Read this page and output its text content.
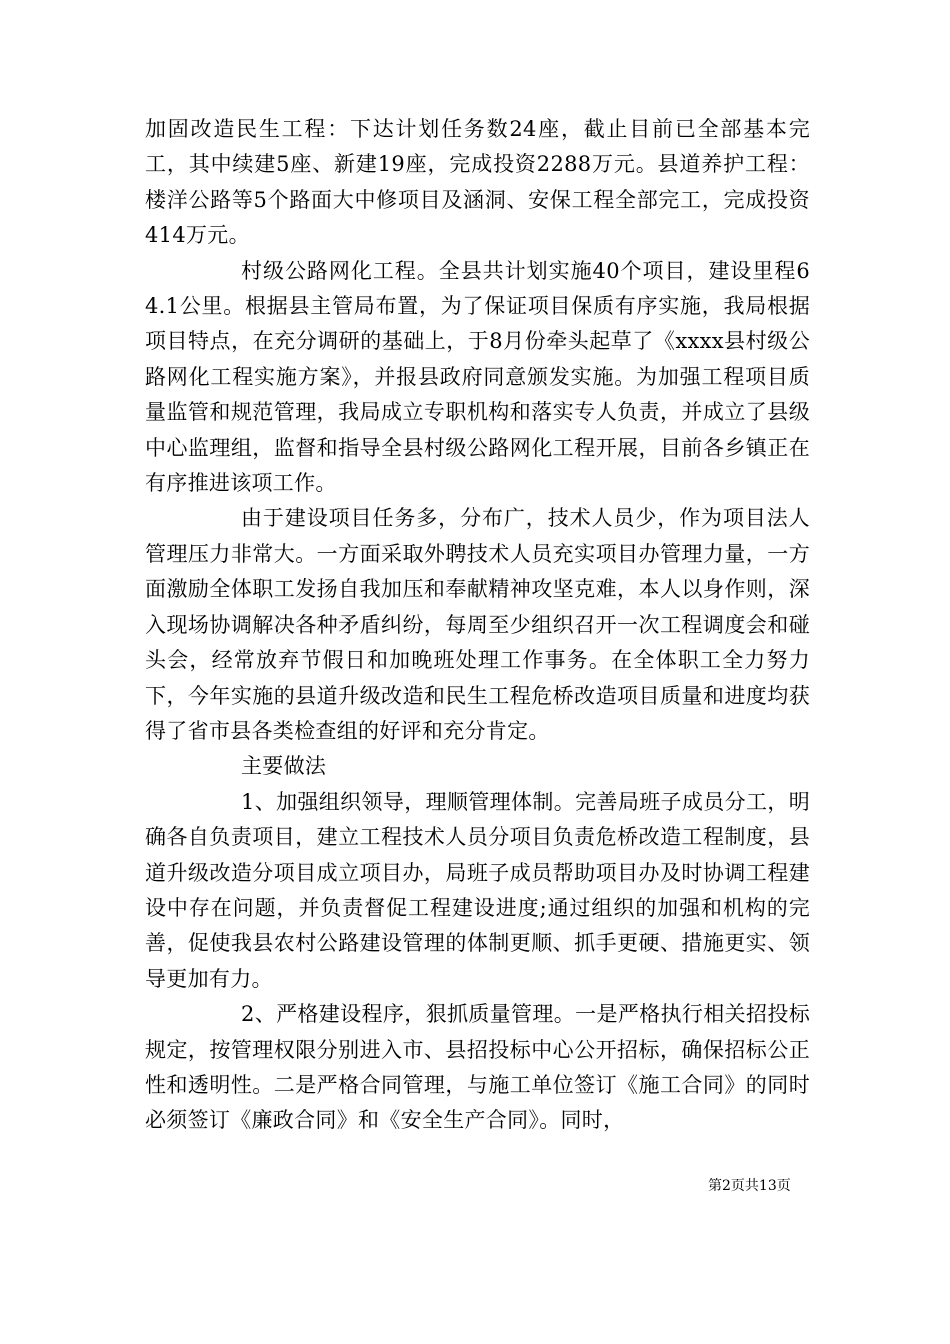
加固改造民生工程：下达计划任务数24座，截止目前已全部基本完工，其中续建5座、新建19座，完成投资2288万元。县道养护工程：楼洋公路等5个路面大中修项目及涵洞、安保工程全部完工，完成投资414万元。

村级公路网化工程。全县共计划实施40个项目，建设里程64.1公里。根据县主管局布置，为了保证项目保质有序实施，我局根据项目特点，在充分调研的基础上，于8月份牵头起草了《xxxx县村级公路网化工程实施方案》，并报县政府同意颁发实施。为加强工程项目质量监管和规范管理，我局成立专职机构和落实专人负责，并成立了县级中心监理组，监督和指导全县村级公路网化工程开展，目前各乡镇正在有序推进该项工作。

由于建设项目任务多，分布广，技术人员少，作为项目法人管理压力非常大。一方面采取外聘技术人员充实项目办管理力量，一方面激励全体职工发扬自我加压和奉献精神攻坚克难，本人以身作则，深入现场协调解决各种矛盾纠纷，每周至少组织召开一次工程调度会和碰头会，经常放弃节假日和加晚班处理工作事务。在全体职工全力努力下，今年实施的县道升级改造和民生工程危桥改造项目质量和进度均获得了省市县各类检查组的好评和充分肯定。

主要做法

1、加强组织领导，理顺管理体制。完善局班子成员分工，明确各自负责项目，建立工程技术人员分项目负责危桥改造工程制度，县道升级改造分项目成立项目办，局班子成员帮助项目办及时协调工程建设中存在问题，并负责督促工程建设进度;通过组织的加强和机构的完善，促使我县农村公路建设管理的体制更顺、抓手更硬、措施更实、领导更加有力。

2、严格建设程序，狠抓质量管理。一是严格执行相关招投标规定，按管理权限分别进入市、县招投标中心公开招标，确保招标公正性和透明性。二是严格合同管理，与施工单位签订《施工合同》的同时必须签订《廉政合同》和《安全生产合同》。同时，

第2页共13页
